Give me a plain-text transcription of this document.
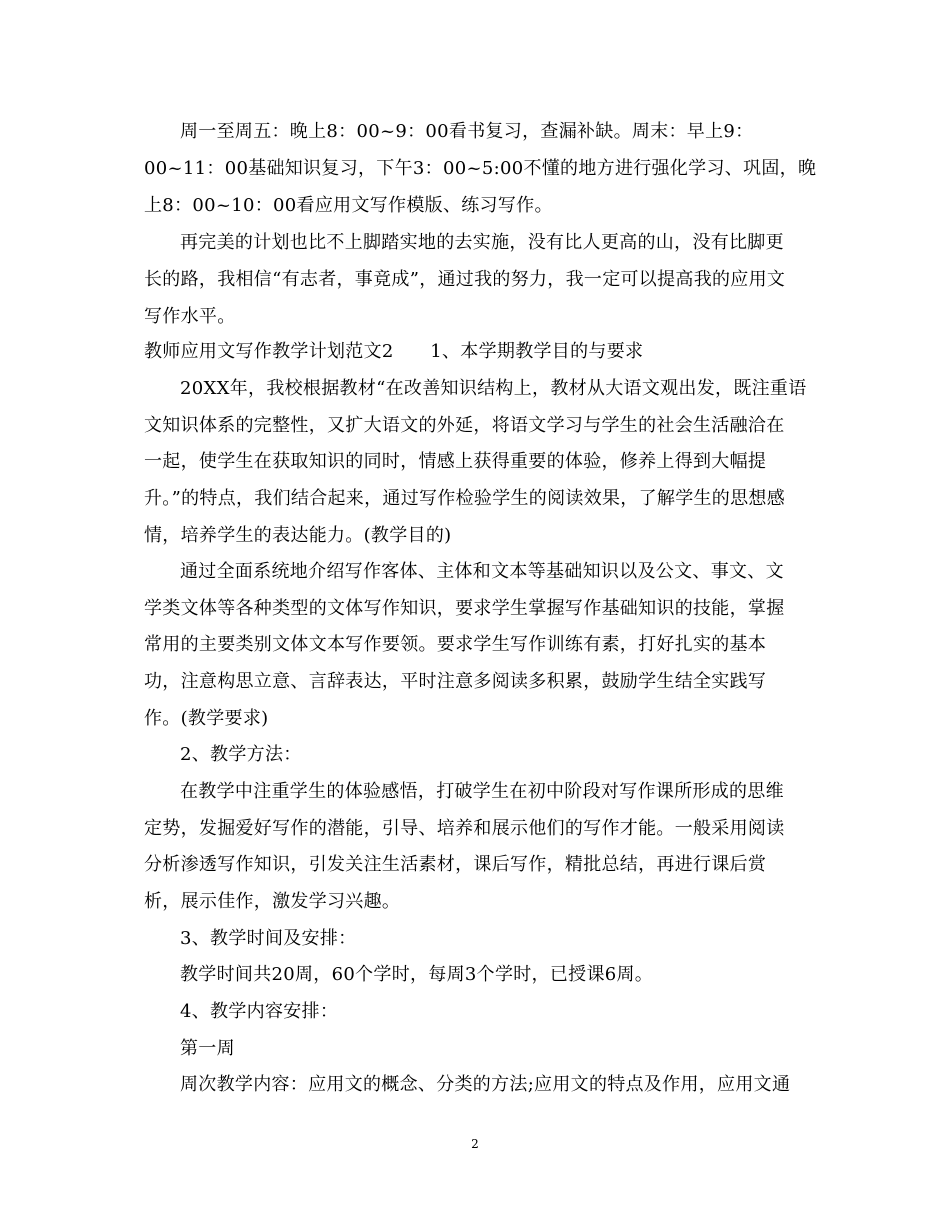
周一至周五：晚上8：00~9：00看书复习，查漏补缺。周末：早上9：
00~11：00基础知识复习，下午3：00~5:00不懂的地方进行强化学习、巩固，晚
上8：00~10：00看应用文写作模版、练习写作。
再完美的计划也比不上脚踏实地的去实施，没有比人更高的山，没有比脚更
长的路，我相信“有志者，事竟成”，通过我的努力，我一定可以提高我的应用文
写作水平。
教师应用文写作教学计划范文2　　1、本学期教学目的与要求
20XX年，我校根据教材“在改善知识结构上，教材从大语文观出发，既注重语
文知识体系的完整性，又扩大语文的外延，将语文学习与学生的社会生活融洽在
一起，使学生在获取知识的同时，情感上获得重要的体验，修养上得到大幅提
升。”的特点，我们结合起来，通过写作检验学生的阅读效果，了解学生的思想感
情，培养学生的表达能力。(教学目的)
通过全面系统地介绍写作客体、主体和文本等基础知识以及公文、事文、文
学类文体等各种类型的文体写作知识，要求学生掌握写作基础知识的技能，掌握
常用的主要类别文体文本写作要领。要求学生写作训练有素，打好扎实的基本
功，注意构思立意、言辞表达，平时注意多阅读多积累，鼓励学生结全实践写
作。(教学要求)
2、教学方法：
在教学中注重学生的体验感悟，打破学生在初中阶段对写作课所形成的思维
定势，发掘爱好写作的潜能，引导、培养和展示他们的写作才能。一般采用阅读
分析渗透写作知识，引发关注生活素材，课后写作，精批总结，再进行课后赏
析，展示佳作，激发学习兴趣。
3、教学时间及安排：
教学时间共20周，60个学时，每周3个学时，已授课6周。
4、教学内容安排：
第一周
周次教学内容：应用文的概念、分类的方法;应用文的特点及作用，应用文通
2
